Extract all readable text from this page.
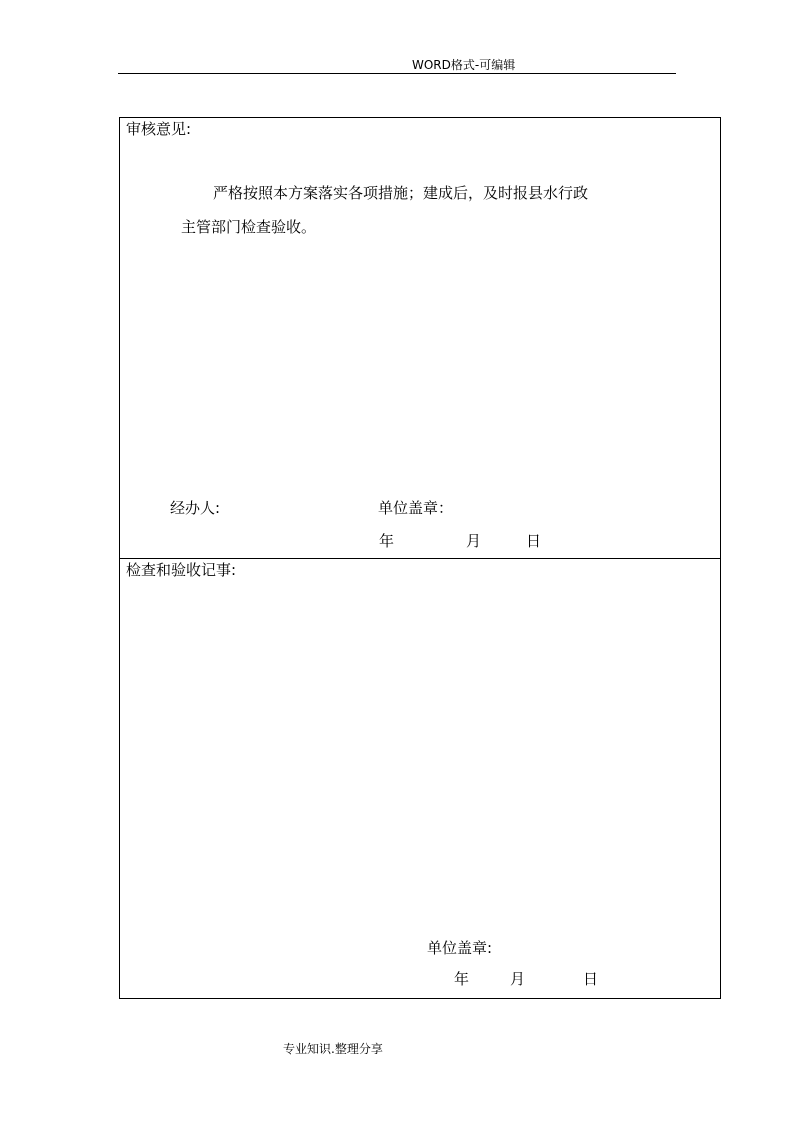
WORD格式-可编辑
审核意见:
严格按照本方案落实各项措施；建成后，及时报县水行政
主管部门检查验收。
经办人:	单位盖章：
年	月	日
检查和验收记事:
单位盖章:
年	月	日
专业知识.整理分享
